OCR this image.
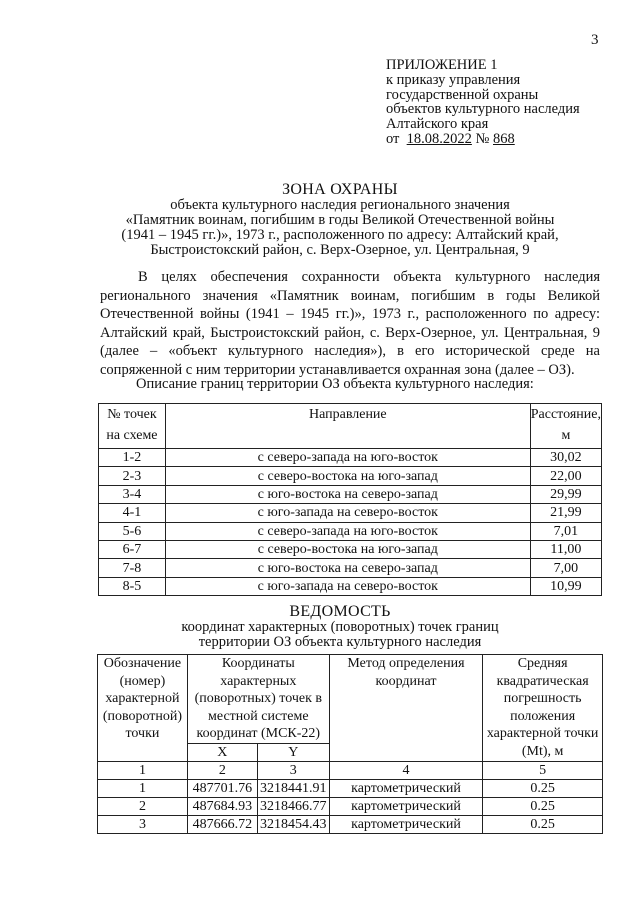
3
ПРИЛОЖЕНИЕ 1
к приказу управления
государственной охраны
объектов культурного наследия
Алтайского края
от 18.08.2022 № 868
ЗОНА ОХРАНЫ
объекта культурного наследия регионального значения
«Памятник воинам, погибшим в годы Великой Отечественной войны
(1941 – 1945 гг.)», 1973 г., расположенного по адресу: Алтайский край,
Быстроистокский район, с. Верх-Озерное, ул. Центральная, 9
В целях обеспечения сохранности объекта культурного наследия регионального значения «Памятник воинам, погибшим в годы Великой Отечественной войны (1941 – 1945 гг.)», 1973 г., расположенного по адресу: Алтайский край, Быстроистокский район, с. Верх-Озерное, ул. Центральная, 9 (далее – «объект культурного наследия»), в его исторической среде на сопряженной с ним территории устанавливается охранная зона (далее – ОЗ).
Описание границ территории ОЗ объекта культурного наследия:
№ точек на схеме	Направление	Расстояние, м
1-2	с северо-запада на юго-восток	30,02
2-3	с северо-востока на юго-запад	22,00
3-4	с юго-востока на северо-запад	29,99
4-1	с юго-запада на северо-восток	21,99
5-6	с северо-запада на юго-восток	7,01
6-7	с северо-востока на юго-запад	11,00
7-8	с юго-востока на северо-запад	7,00
8-5	с юго-запада на северо-восток	10,99
ВЕДОМОСТЬ
координат характерных (поворотных) точек границ
территории ОЗ объекта культурного наследия
Обозначение (номер) характерной (поворотной) точки	Координаты характерных (поворотных) точек в местной системе координат (МСК-22)		Метод определения координат	Средняя квадратическая погрешность положения характерной точки (Mt), м
	X	Y		
1	2	3	4	5
1	487701.76	3218441.91	картометрический	0.25
2	487684.93	3218466.77	картометрический	0.25
3	487666.72	3218454.43	картометрический	0.25
